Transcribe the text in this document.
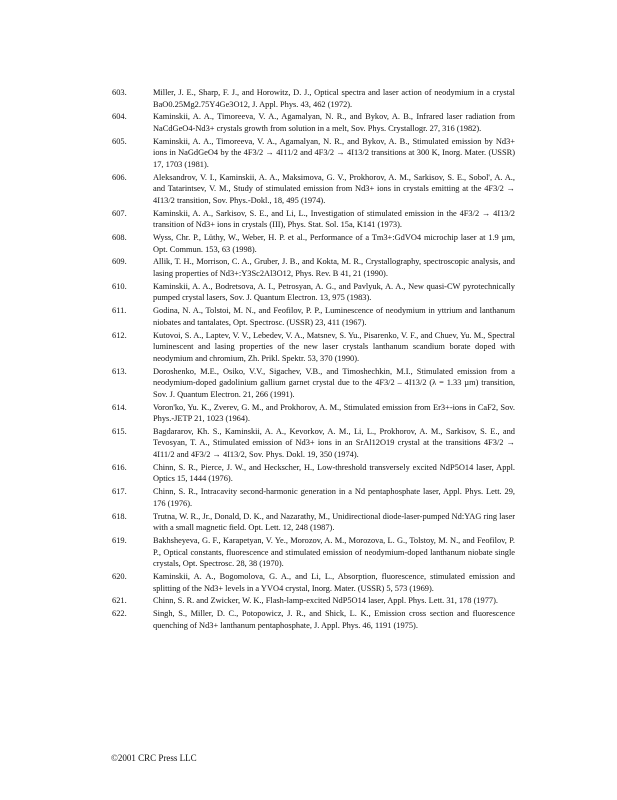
603.	Miller, J. E., Sharp, F. J., and Horowitz, D. J., Optical spectra and laser action of neodymium in a crystal BaO0.25Mg2.75Y4Ge3O12, J. Appl. Phys. 43, 462 (1972).
604.	Kaminskii, A. A., Timoreeva, V. A., Agamalyan, N. R., and Bykov, A. B., Infrared laser radiation from NaCdGeO4-Nd3+ crystals growth from solution in a melt, Sov. Phys. Crystallogr. 27, 316 (1982).
605.	Kaminskii, A. A., Timoreeva, V. A., Agamalyan, N. R., and Bykov, A. B., Stimulated emission by Nd3+ ions in NaGdGeO4 by the 4F3/2 → 4I11/2 and 4F3/2 → 4I13/2 transitions at 300 K, Inorg. Mater. (USSR) 17, 1703 (1981).
606.	Aleksandrov, V. I., Kaminskii, A. A., Maksimova, G. V., Prokhorov, A. M., Sarkisov, S. E., Sobol', A. A., and Tatarintsev, V. M., Study of stimulated emission from Nd3+ ions in crystals emitting at the 4F3/2 → 4I13/2 transition, Sov. Phys.-Dokl., 18, 495 (1974).
607.	Kaminskii, A. A., Sarkisov, S. E., and Li, L., Investigation of stimulated emission in the 4F3/2 → 4I13/2 transition of Nd3+ ions in crystals (III), Phys. Stat. Sol. 15a, K141 (1973).
608.	Wyss, Chr. P., Lüthy, W., Weber, H. P. et al., Performance of a Tm3+:GdVO4 microchip laser at 1.9 µm, Opt. Commun. 153, 63 (1998).
609.	Allik, T. H., Morrison, C. A., Gruber, J. B., and Kokta, M. R., Crystallography, spectroscopic analysis, and lasing properties of Nd3+:Y3Sc2Al3O12, Phys. Rev. B 41, 21 (1990).
610.	Kaminskii, A. A., Bodretsova, A. I., Petrosyan, A. G., and Pavlyuk, A. A., New quasi-CW pyrotechnically pumped crystal lasers, Sov. J. Quantum Electron. 13, 975 (1983).
611.	Godina, N. A., Tolstoi, M. N., and Feofilov, P. P., Luminescence of neodymium in yttrium and lanthanum niobates and tantalates, Opt. Spectrosc. (USSR) 23, 411 (1967).
612.	Kutovoi, S. A., Laptev, V. V., Lebedev, V. A., Matsnev, S. Yu., Pisarenko, V. F., and Chuev, Yu. M., Spectral luminescent and lasing properties of the new laser crystals lanthanum scandium borate doped with neodymium and chromium, Zh. Prikl. Spektr. 53, 370 (1990).
613.	Doroshenko, M.E., Osiko, V.V., Sigachev, V.B., and Timoshechkin, M.I., Stimulated emission from a neodymium-doped gadolinium gallium garnet crystal due to the 4F3/2 – 4I13/2 (λ = 1.33 µm) transition, Sov. J. Quantum Electron. 21, 266 (1991).
614.	Voron'ko, Yu. K., Zverev, G. M., and Prokhorov, A. M., Stimulated emission from Er3+-ions in CaF2, Sov. Phys.-JETP 21, 1023 (1964).
615.	Bagdararov, Kh. S., Kaminskii, A. A., Kevorkov, A. M., Li, L., Prokhorov, A. M., Sarkisov, S. E., and Tevosyan, T. A., Stimulated emission of Nd3+ ions in an SrAl12O19 crystal at the transitions 4F3/2 → 4I11/2 and 4F3/2 → 4I13/2, Sov. Phys. Dokl. 19, 350 (1974).
616.	Chinn, S. R., Pierce, J. W., and Heckscher, H., Low-threshold transversely excited NdP5O14 laser, Appl. Optics 15, 1444 (1976).
617.	Chinn, S. R., Intracavity second-harmonic generation in a Nd pentaphosphate laser, Appl. Phys. Lett. 29, 176 (1976).
618.	Trutna, W. R., Jr., Donald, D. K., and Nazarathy, M., Unidirectional diode-laser-pumped Nd:YAG ring laser with a small magnetic field. Opt. Lett. 12, 248 (1987).
619.	Bakhsheyeva, G. F., Karapetyan, V. Ye., Morozov, A. M., Morozova, L. G., Tolstoy, M. N., and Feofilov, P. P., Optical constants, fluorescence and stimulated emission of neodymium-doped lanthanum niobate single crystals, Opt. Spectrosc. 28, 38 (1970).
620.	Kaminskii, A. A., Bogomolova, G. A., and Li, L., Absorption, fluorescence, stimulated emission and splitting of the Nd3+ levels in a YVO4 crystal, Inorg. Mater. (USSR) 5, 573 (1969).
621.	Chinn, S. R. and Zwicker, W. K., Flash-lamp-excited NdP5O14 laser, Appl. Phys. Lett. 31, 178 (1977).
622.	Singh, S., Miller, D. C., Potopowicz, J. R., and Shick, L. K., Emission cross section and fluorescence quenching of Nd3+ lanthanum pentaphosphate, J. Appl. Phys. 46, 1191 (1975).
©2001 CRC Press LLC
